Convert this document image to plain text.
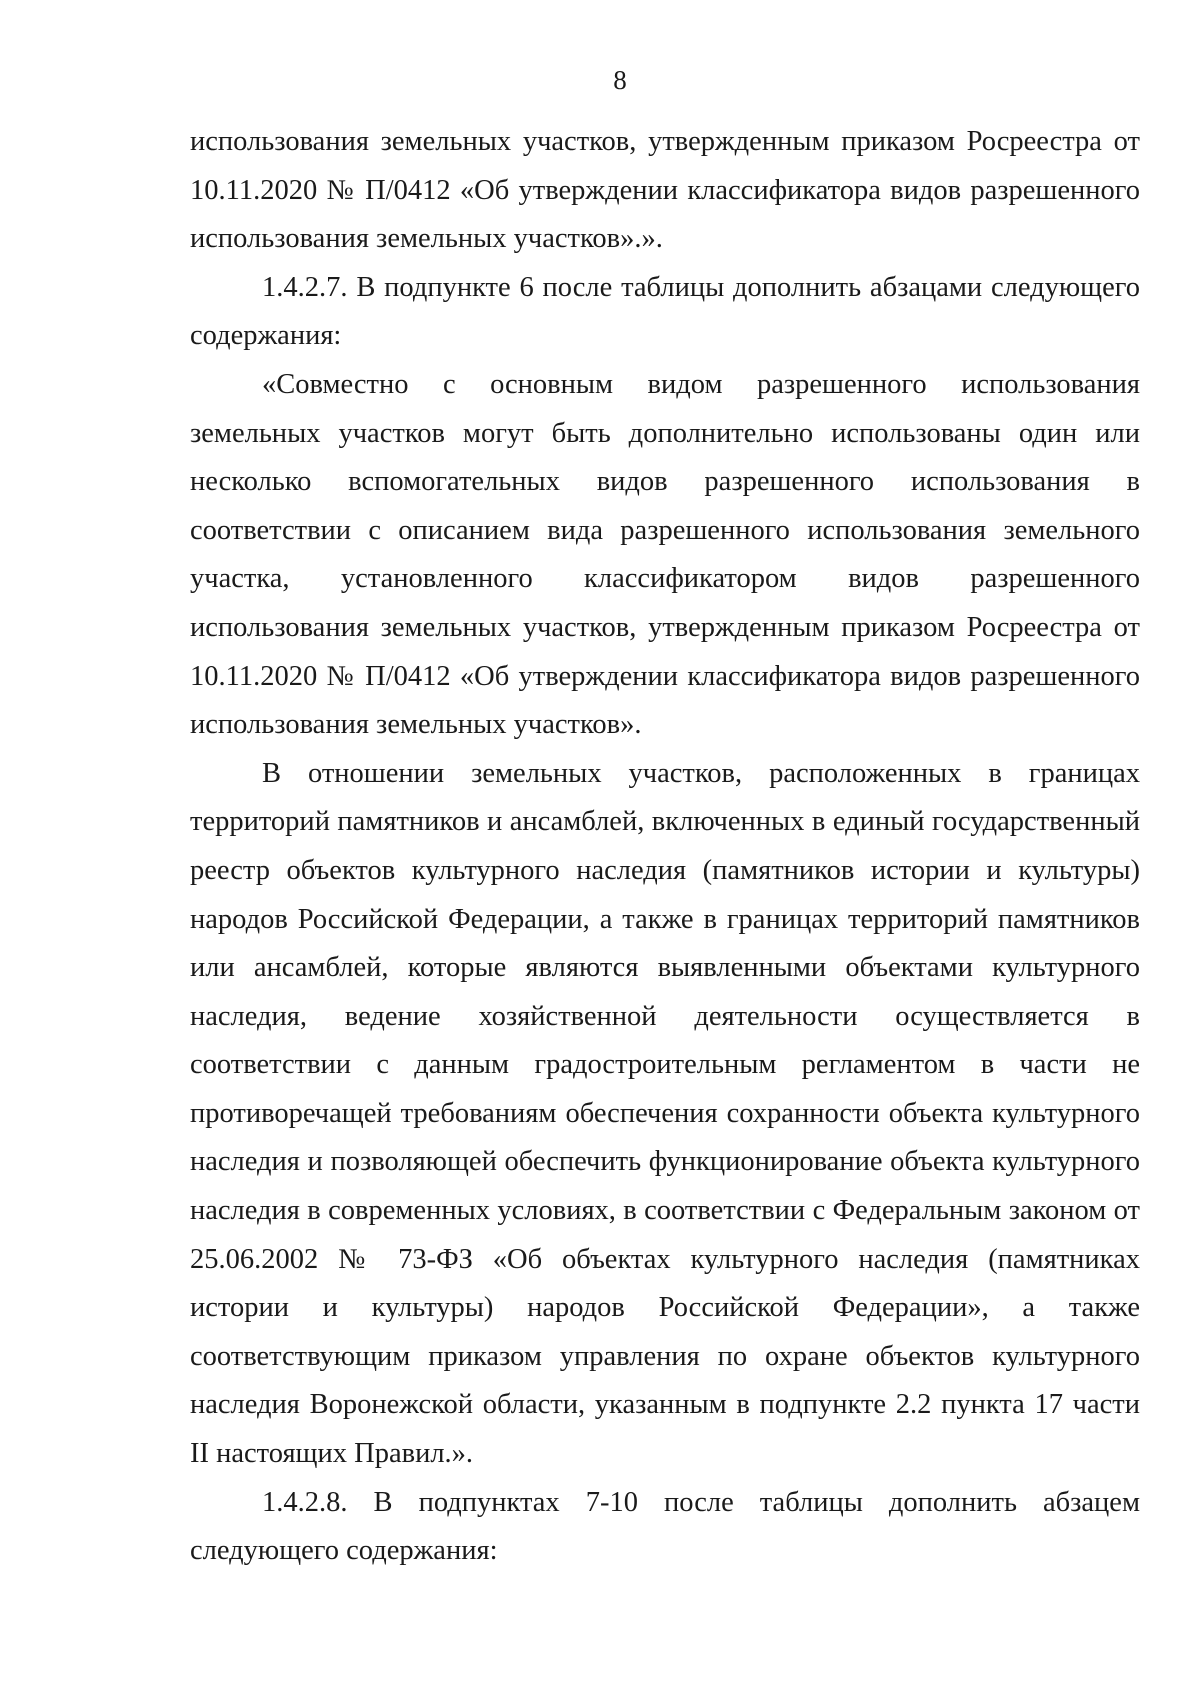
8

использования земельных участков, утвержденным приказом Росреестра от 10.11.2020 № П/0412 «Об утверждении классификатора видов разрешенного использования земельных участков».».

1.4.2.7. В подпункте 6 после таблицы дополнить абзацами следующего содержания:

«Совместно с основным видом разрешенного использования земельных участков могут быть дополнительно использованы один или несколько вспомогательных видов разрешенного использования в соответствии с описанием вида разрешенного использования земельного участка, установленного классификатором видов разрешенного использования земельных участков, утвержденным приказом Росреестра от 10.11.2020 № П/0412 «Об утверждении классификатора видов разрешенного использования земельных участков».

В отношении земельных участков, расположенных в границах территорий памятников и ансамблей, включенных в единый государственный реестр объектов культурного наследия (памятников истории и культуры) народов Российской Федерации, а также в границах территорий памятников или ансамблей, которые являются выявленными объектами культурного наследия, ведение хозяйственной деятельности осуществляется в соответствии с данным градостроительным регламентом в части не противоречащей требованиям обеспечения сохранности объекта культурного наследия и позволяющей обеспечить функционирование объекта культурного наследия в современных условиях, в соответствии с Федеральным законом от 25.06.2002 № 73-ФЗ «Об объектах культурного наследия (памятниках истории и культуры) народов Российской Федерации», а также соответствующим приказом управления по охране объектов культурного наследия Воронежской области, указанным в подпункте 2.2 пункта 17 части II настоящих Правил.».

1.4.2.8. В подпунктах 7-10 после таблицы дополнить абзацем следующего содержания:
